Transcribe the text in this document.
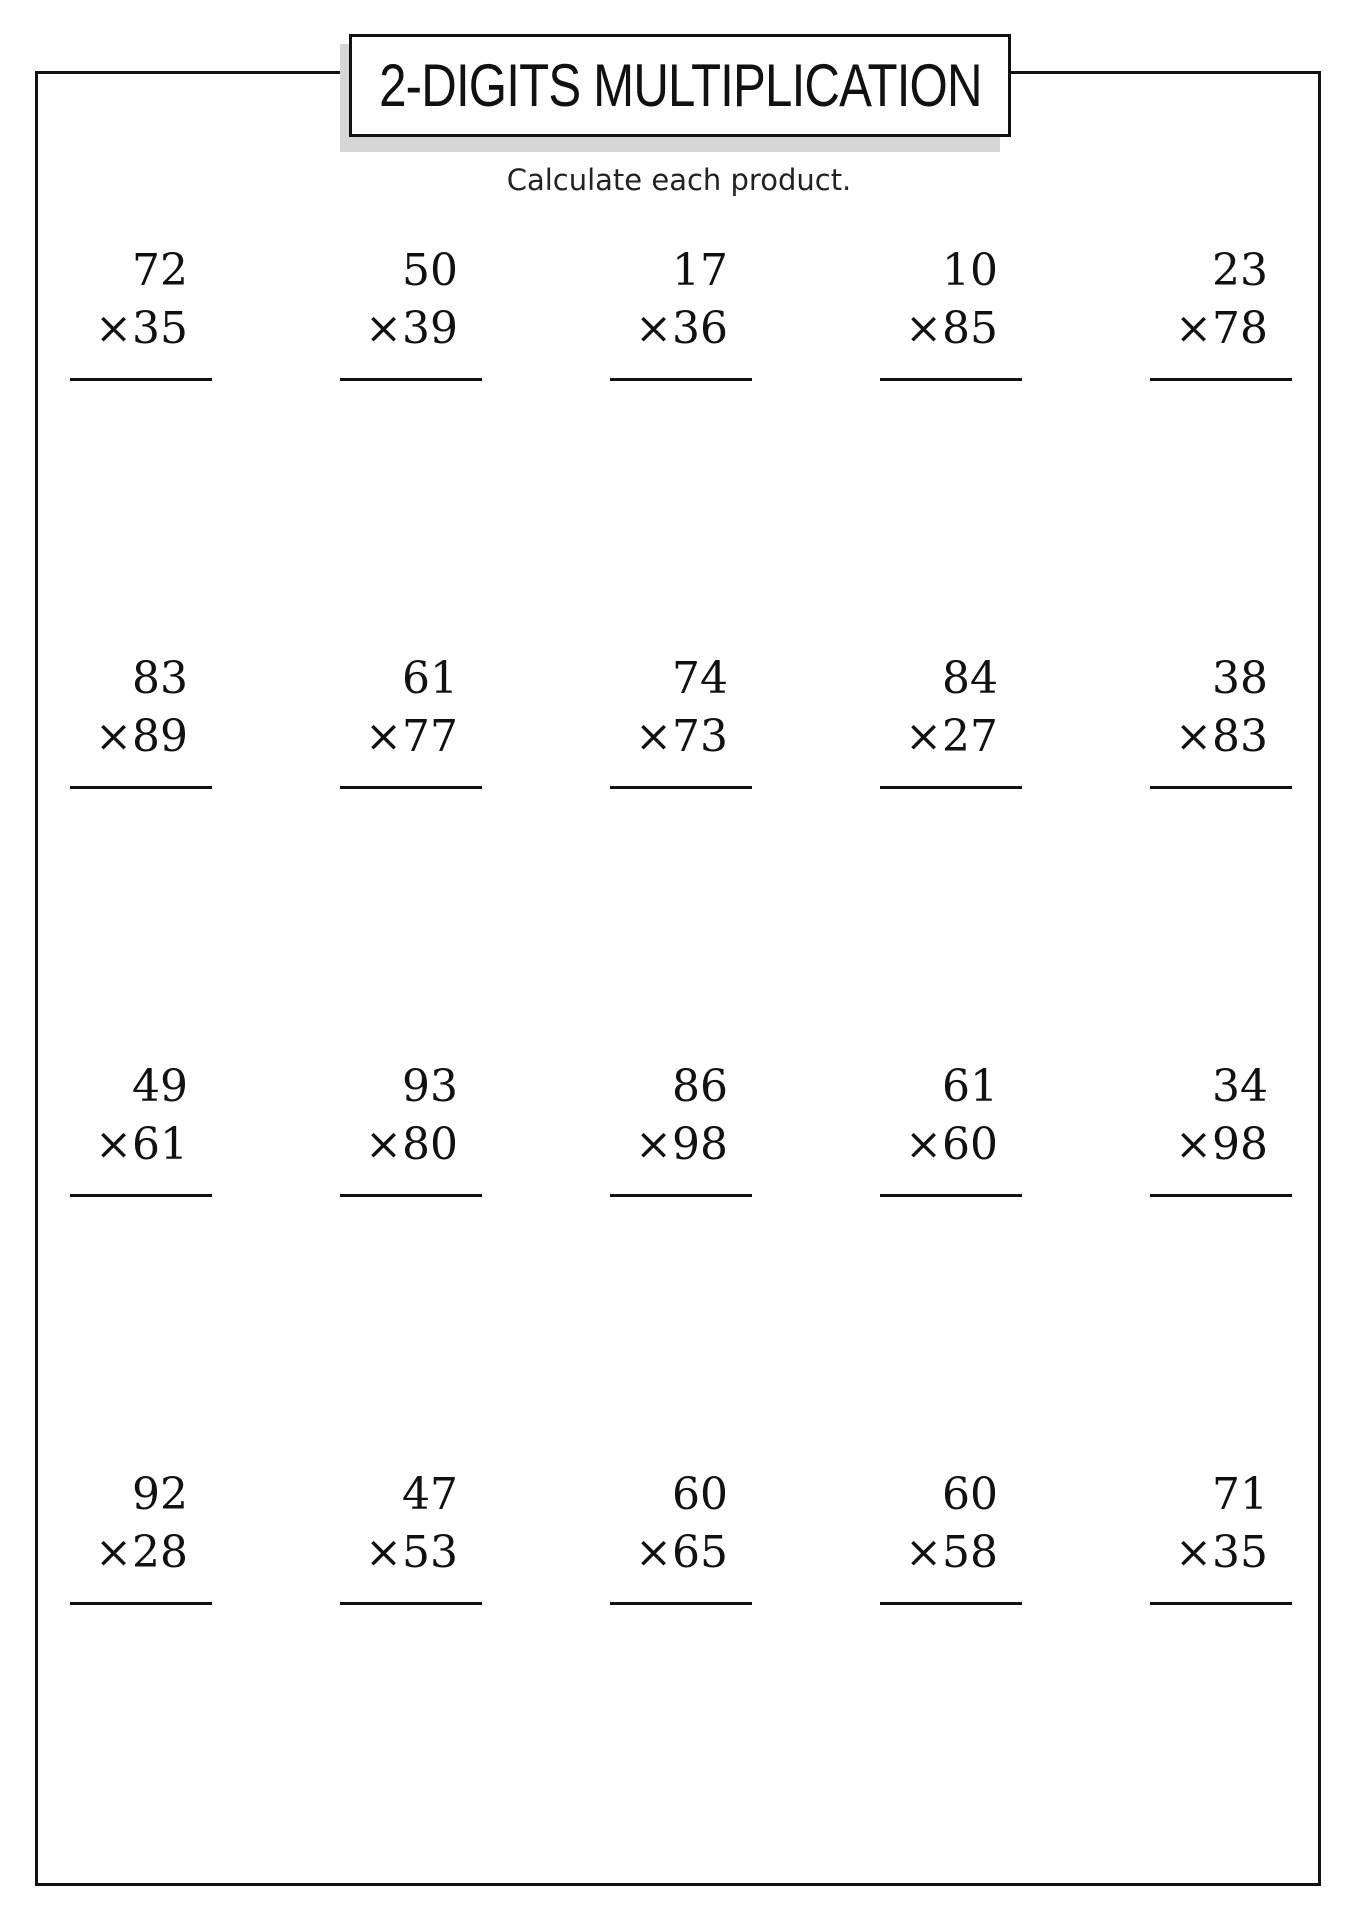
2-DIGITS MULTIPLICATION
Calculate each product.
72
×35
50
×39
17
×36
10
×85
23
×78
83
×89
61
×77
74
×73
84
×27
38
×83
49
×61
93
×80
86
×98
61
×60
34
×98
92
×28
47
×53
60
×65
60
×58
71
×35
